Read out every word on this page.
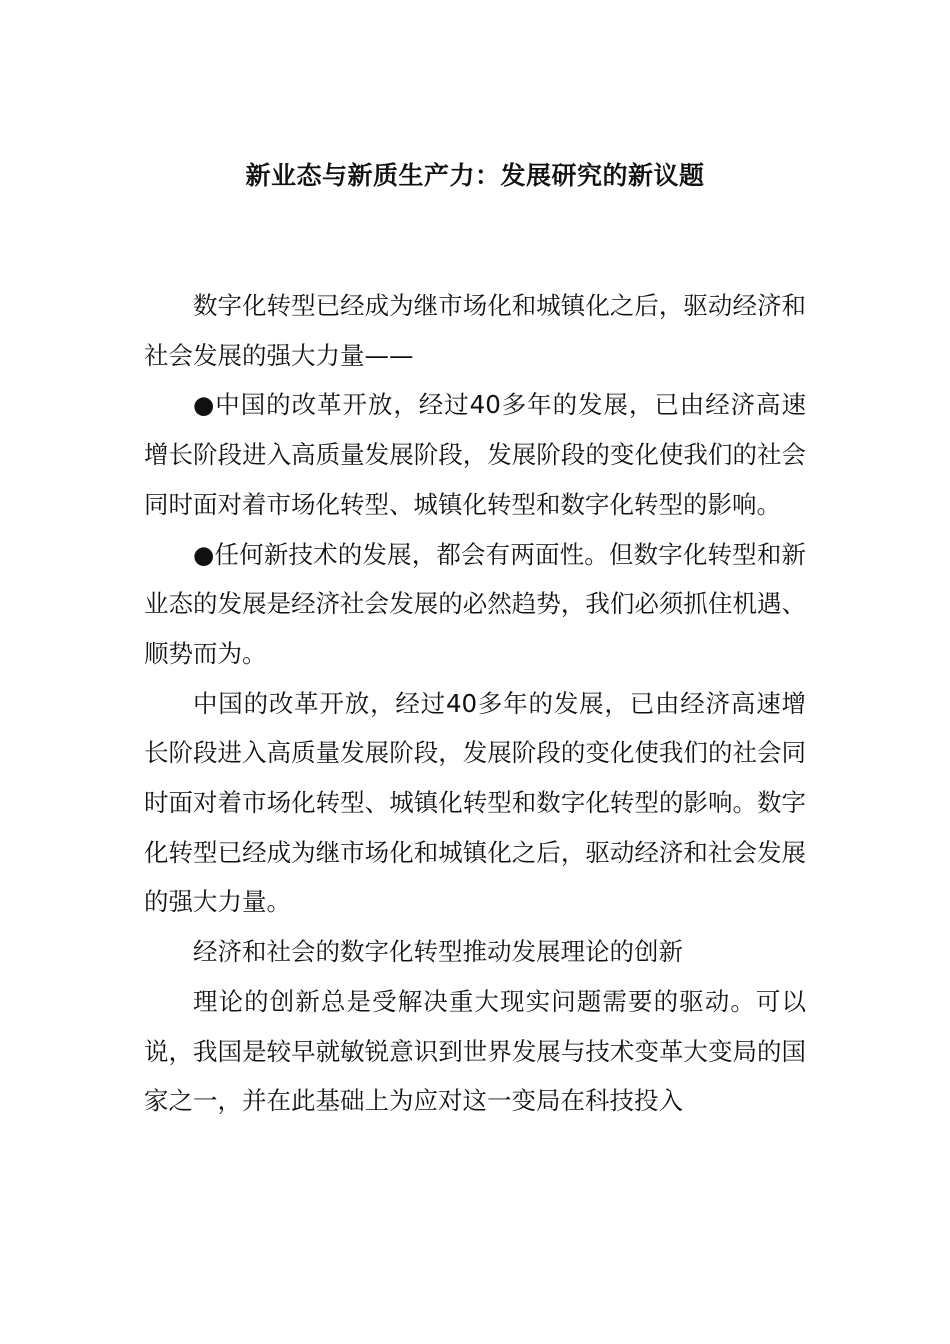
新业态与新质生产力：发展研究的新议题

数字化转型已经成为继市场化和城镇化之后，驱动经济和社会发展的强大力量——

●中国的改革开放，经过40多年的发展，已由经济高速增长阶段进入高质量发展阶段，发展阶段的变化使我们的社会同时面对着市场化转型、城镇化转型和数字化转型的影响。

●任何新技术的发展，都会有两面性。但数字化转型和新业态的发展是经济社会发展的必然趋势，我们必须抓住机遇、顺势而为。

中国的改革开放，经过40多年的发展，已由经济高速增长阶段进入高质量发展阶段，发展阶段的变化使我们的社会同时面对着市场化转型、城镇化转型和数字化转型的影响。数字化转型已经成为继市场化和城镇化之后，驱动经济和社会发展的强大力量。

经济和社会的数字化转型推动发展理论的创新

理论的创新总是受解决重大现实问题需要的驱动。可以说，我国是较早就敏锐意识到世界发展与技术变革大变局的国家之一，并在此基础上为应对这一变局在科技投入
